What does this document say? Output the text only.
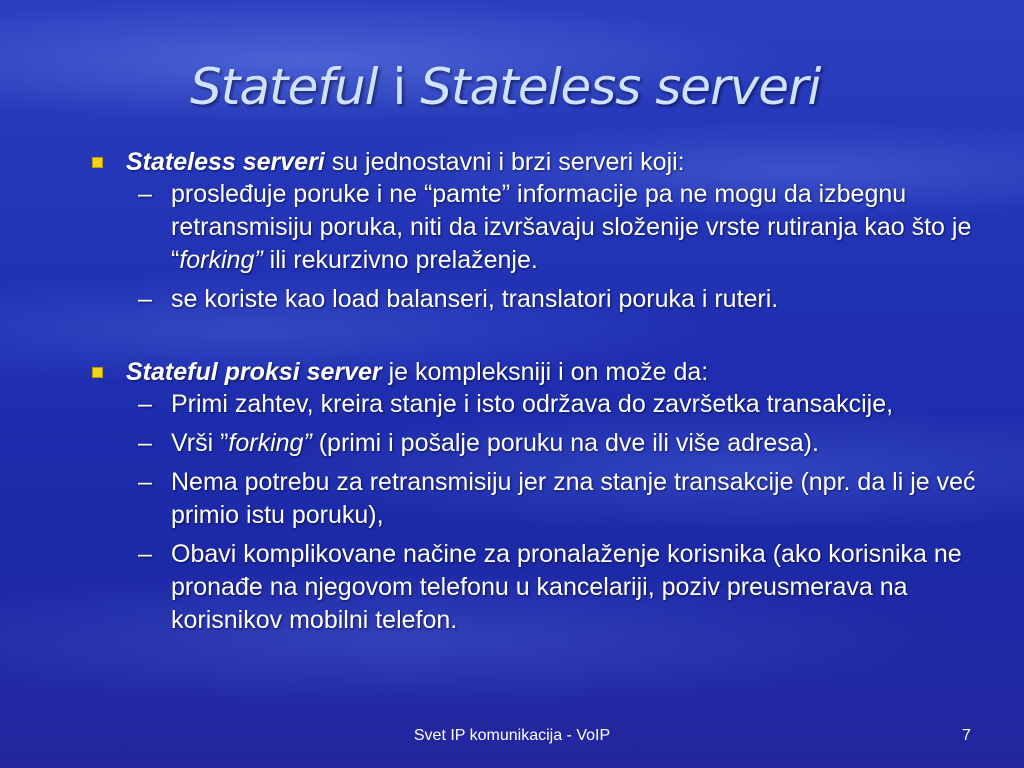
Stateful i Stateless serveri
Stateless serveri su jednostavni i brzi serveri koji:
– prosleđuje poruke i ne “pamte” informacije pa ne mogu da izbegnu retransmisiju poruka, niti da izvršavaju složenije vrste rutiranja kao što je “forking” ili rekurzivno prelaženje.
– se koriste kao load balanseri, translatori poruka i ruteri.
Stateful proksi server je kompleksniji i on može da:
– Primi zahtev, kreira stanje i isto održava do završetka transakcije,
– Vrši ”forking” (primi i pošalje poruku na dve ili više adresa).
– Nema potrebu za retransmisiju jer zna stanje transakcije (npr. da li je već primio istu poruku),
– Obavi komplikovane načine za pronalaženje korisnika (ako korisnika ne pronađe na njegovom telefonu u kancelariji, poziv preusmerava na korisnikov mobilni telefon.
Svet IP komunikacija - VoIP	7
